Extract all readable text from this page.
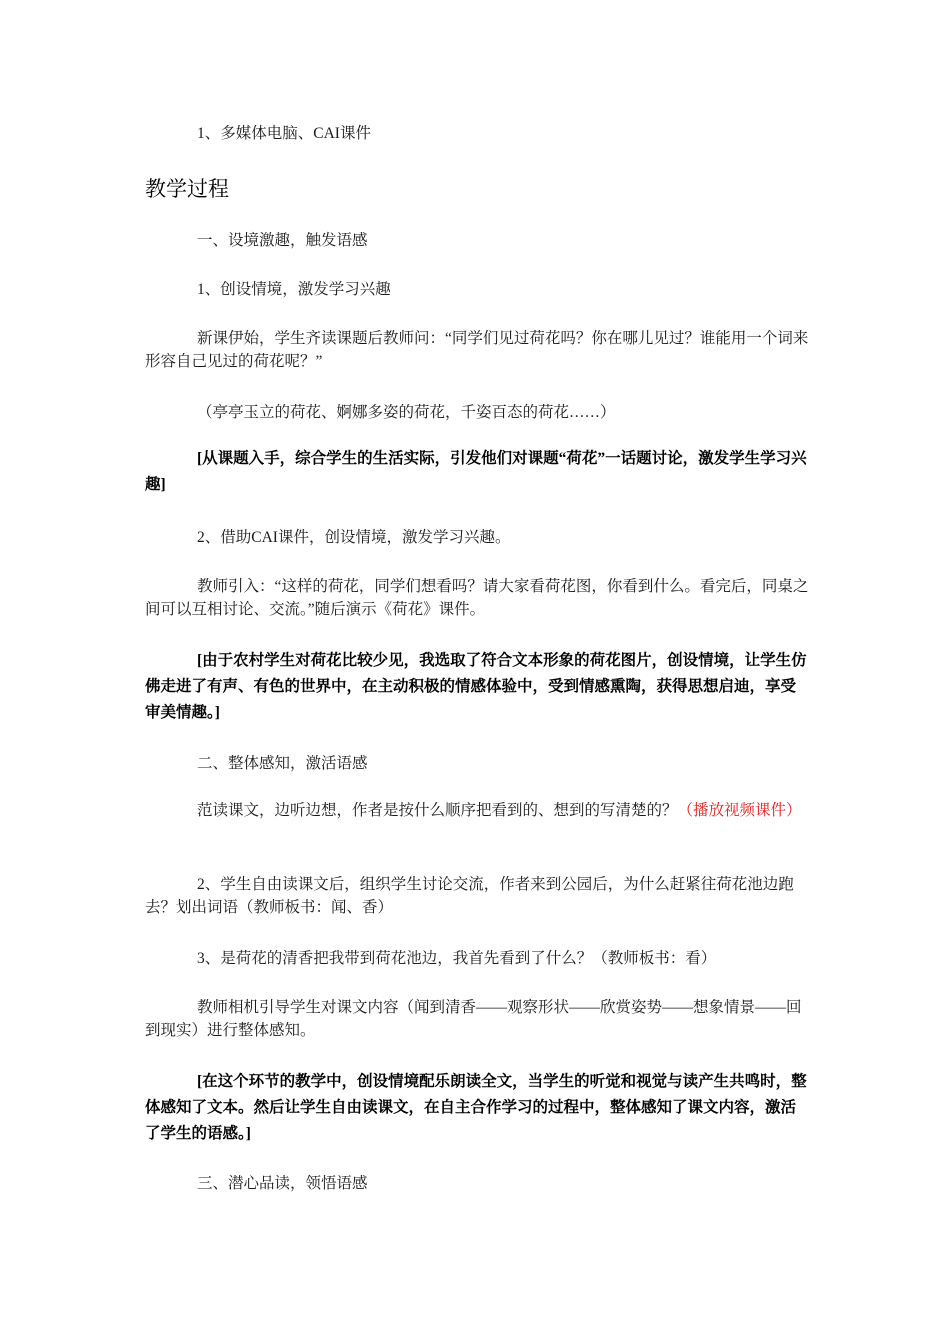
1、多媒体电脑、CAI课件

教学过程

一、设境激趣，触发语感

1、创设情境，激发学习兴趣

新课伊始，学生齐读课题后教师问：“同学们见过荷花吗？你在哪儿见过？谁能用一个词来形容自己见过的荷花呢？”

（亭亭玉立的荷花、婀娜多姿的荷花，千姿百态的荷花……）

[从课题入手，综合学生的生活实际，引发他们对课题“荷花”一话题讨论，激发学生学习兴趣]

2、借助CAI课件，创设情境，激发学习兴趣。

教师引入：“这样的荷花，同学们想看吗？请大家看荷花图，你看到什么。看完后，同桌之间可以互相讨论、交流。”随后演示《荷花》课件。

[由于农村学生对荷花比较少见，我选取了符合文本形象的荷花图片，创设情境，让学生仿佛走进了有声、有色的世界中，在主动积极的情感体验中，受到情感熏陶，获得思想启迪，享受审美情趣。]

二、整体感知，激活语感

范读课文，边听边想，作者是按什么顺序把看到的、想到的写清楚的？（播放视频课件）

2、学生自由读课文后，组织学生讨论交流，作者来到公园后，为什么赶紧往荷花池边跑去？划出词语（教师板书：闻、香）

3、是荷花的清香把我带到荷花池边，我首先看到了什么？（教师板书：看）

教师相机引导学生对课文内容（闻到清香——观察形状——欣赏姿势——想象情景——回到现实）进行整体感知。

[在这个环节的教学中，创设情境配乐朗读全文，当学生的听觉和视觉与读产生共鸣时，整体感知了文本。然后让学生自由读课文，在自主合作学习的过程中，整体感知了课文内容，激活了学生的语感。]

三、潜心品读，领悟语感
